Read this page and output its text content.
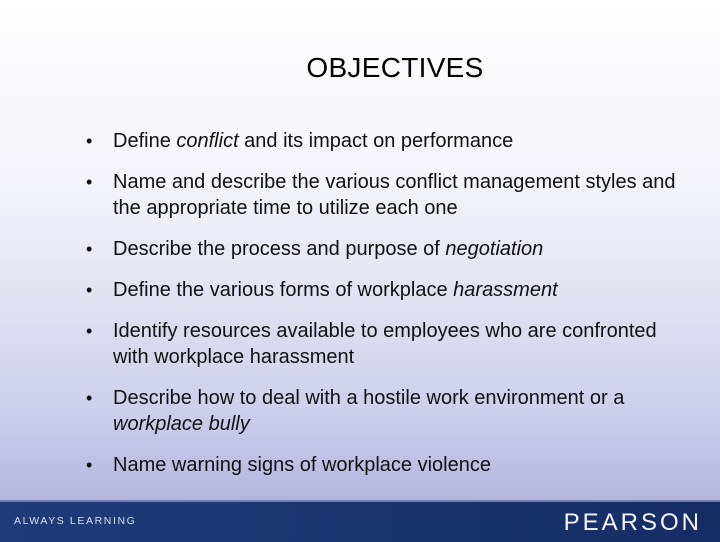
OBJECTIVES
• Define conflict and its impact on performance
• Name and describe the various conflict management styles and the appropriate time to utilize each one
• Describe the process and purpose of negotiation
• Define the various forms of workplace harassment
• Identify resources available to employees who are confronted with workplace harassment
• Describe how to deal with a hostile work environment or a workplace bully
• Name warning signs of workplace violence
ALWAYS LEARNING	PEARSON
